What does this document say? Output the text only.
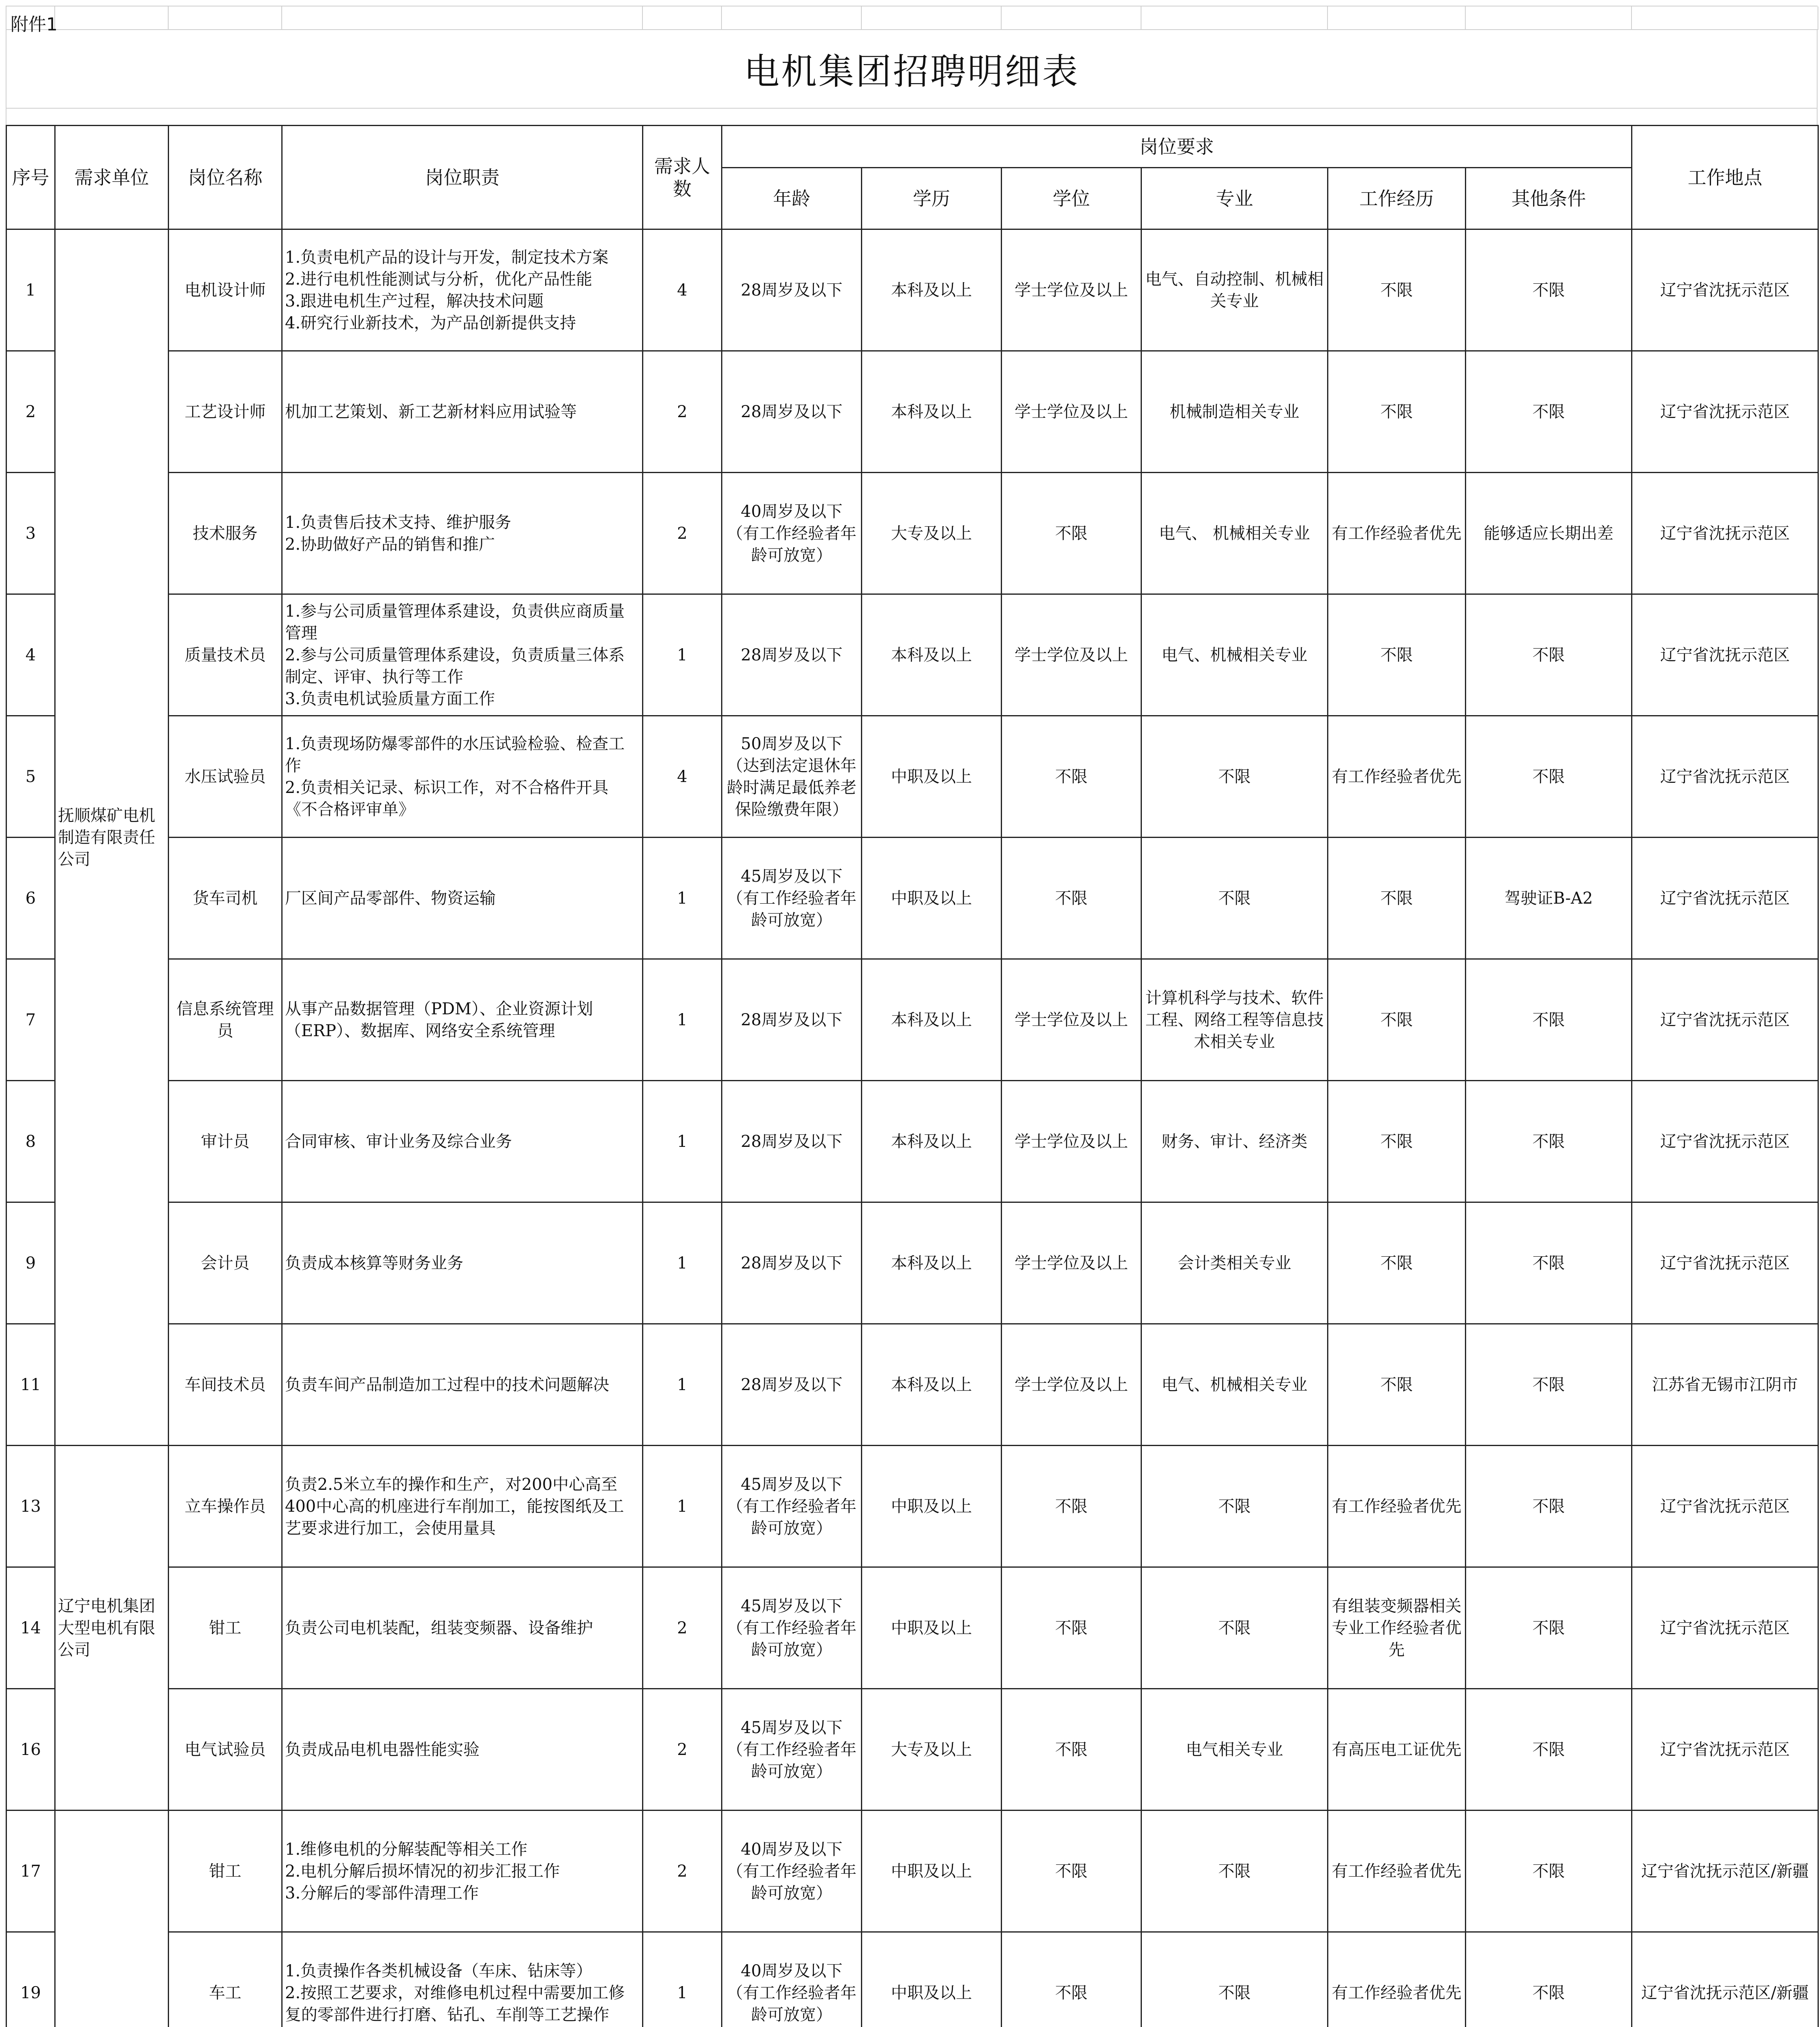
附件1
电机集团招聘明细表
序号	需求单位	岗位名称	岗位职责	需求人数	岗位要求						工作地点
					年龄	学历	学位	专业	工作经历	其他条件	
1	抚顺煤矿电机制造有限责任公司	电机设计师	1.负责电机产品的设计与开发，制定技术方案
2.进行电机性能测试与分析，优化产品性能
3.跟进电机生产过程，解决技术问题
4.研究行业新技术，为产品创新提供支持	4	28周岁及以下	本科及以上	学士学位及以上	电气、自动控制、机械相关专业	不限	不限	辽宁省沈抚示范区
2		工艺设计师	机加工艺策划、新工艺新材料应用试验等	2	28周岁及以下	本科及以上	学士学位及以上	机械制造相关专业	不限	不限	辽宁省沈抚示范区
3		技术服务	1.负责售后技术支持、维护服务
2.协助做好产品的销售和推广	2	40周岁及以下
（有工作经验者年龄可放宽）	大专及以上	不限	电气、 机械相关专业	有工作经验者优先	能够适应长期出差	辽宁省沈抚示范区
4		质量技术员	1.参与公司质量管理体系建设，负责供应商质量管理
2.参与公司质量管理体系建设，负责质量三体系制定、评审、执行等工作
3.负责电机试验质量方面工作	1	28周岁及以下	本科及以上	学士学位及以上	电气、机械相关专业	不限	不限	辽宁省沈抚示范区
5		水压试验员	1.负责现场防爆零部件的水压试验检验、检查工作
2.负责相关记录、标识工作，对不合格件开具《不合格评审单》	4	50周岁及以下
（达到法定退休年龄时满足最低养老保险缴费年限）	中职及以上	不限	不限	有工作经验者优先	不限	辽宁省沈抚示范区
6		货车司机	厂区间产品零部件、物资运输	1	45周岁及以下
（有工作经验者年龄可放宽）	中职及以上	不限	不限	不限	驾驶证B-A2	辽宁省沈抚示范区
7		信息系统管理员	从事产品数据管理（PDM）、企业资源计划（ERP）、数据库、网络安全系统管理	1	28周岁及以下	本科及以上	学士学位及以上	计算机科学与技术、软件工程、网络工程等信息技术相关专业	不限	不限	辽宁省沈抚示范区
8		审计员	合同审核、审计业务及综合业务	1	28周岁及以下	本科及以上	学士学位及以上	财务、审计、经济类	不限	不限	辽宁省沈抚示范区
9		会计员	负责成本核算等财务业务	1	28周岁及以下	本科及以上	学士学位及以上	会计类相关专业	不限	不限	辽宁省沈抚示范区
11		车间技术员	负责车间产品制造加工过程中的技术问题解决	1	28周岁及以下	本科及以上	学士学位及以上	电气、机械相关专业	不限	不限	江苏省无锡市江阴市
13	辽宁电机集团大型电机有限公司	立车操作员	负责2.5米立车的操作和生产，对200中心高至400中心高的机座进行车削加工，能按图纸及工艺要求进行加工，会使用量具	1	45周岁及以下
（有工作经验者年龄可放宽）	中职及以上	不限	不限	有工作经验者优先	不限	辽宁省沈抚示范区
14		钳工	负责公司电机装配，组装变频器、设备维护	2	45周岁及以下
（有工作经验者年龄可放宽）	中职及以上	不限	不限	有组装变频器相关专业工作经验者优先	不限	辽宁省沈抚示范区
16		电气试验员	负责成品电机电器性能实验	2	45周岁及以下
（有工作经验者年龄可放宽）	大专及以上	不限	电气相关专业	有高压电工证优先	不限	辽宁省沈抚示范区
17		钳工	1.维修电机的分解装配等相关工作
2.电机分解后损坏情况的初步汇报工作
3.分解后的零部件清理工作	2	40周岁及以下
（有工作经验者年龄可放宽）	中职及以上	不限	不限	有工作经验者优先	不限	辽宁省沈抚示范区/新疆
19		车工	1.负责操作各类机械设备（车床、钻床等）
2.按照工艺要求，对维修电机过程中需要加工修复的零部件进行打磨、钻孔、车削等工艺操作	1	40周岁及以下
（有工作经验者年龄可放宽）	中职及以上	不限	不限	有工作经验者优先	不限	辽宁省沈抚示范区/新疆
